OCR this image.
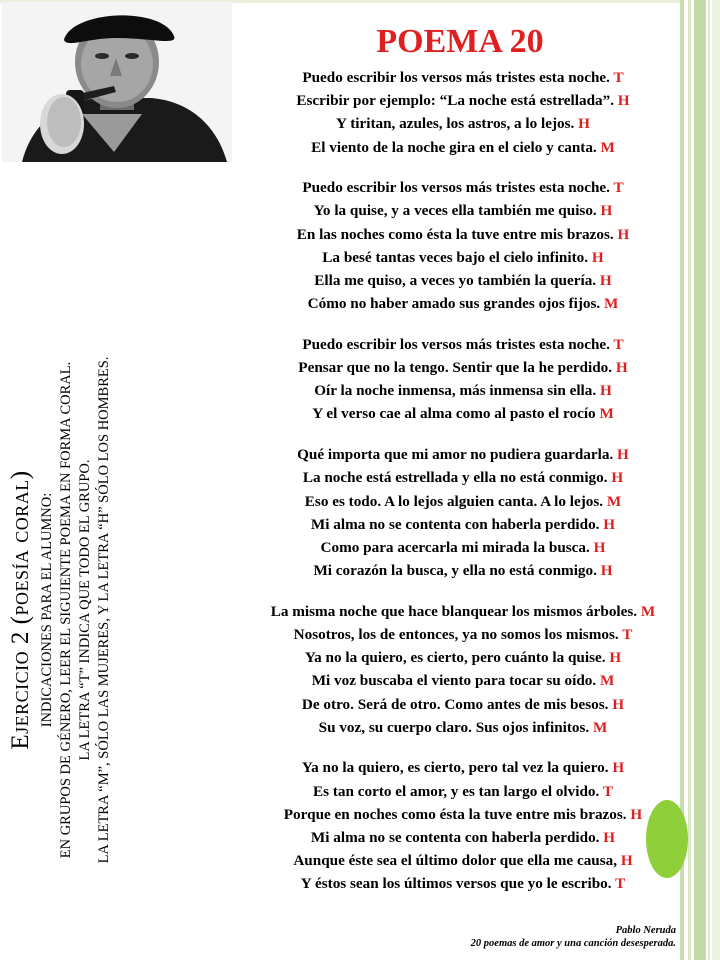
Ejercicio 2 (poesía coral) INDICACIONES PARA EL ALUMNO: EN GRUPOS DE GÉNERO, LEER EL SIGUIENTE POEMA EN FORMA CORAL. LA LETRA “T” INDICA QUE TODO EL GRUPO. LA LETRA “M”, SÓLO LAS MUJERES, Y LA LETRA “H” SÓLO LOS HOMBRES.

POEMA 20
Puedo escribir los versos más tristes esta noche. T
Escribir por ejemplo: “La noche está estrellada”. H
Y tiritan, azules, los astros, a lo lejos. H
El viento de la noche gira en el cielo y canta. M
Puedo escribir los versos más tristes esta noche. T
Yo la quise, y a veces ella también me quiso. H
En las noches como ésta la tuve entre mis brazos. H
La besé tantas veces bajo el cielo infinito. H
Ella me quiso, a veces yo también la quería. H
Cómo no haber amado sus grandes ojos fijos. M
Puedo escribir los versos más tristes esta noche. T
Pensar que no la tengo. Sentir que la he perdido. H
Oír la noche inmensa, más inmensa sin ella. H
Y el verso cae al alma como al pasto el rocío M
Qué importa que mi amor no pudiera guardarla. H
La noche está estrellada y ella no está conmigo. H
Eso es todo. A lo lejos alguien canta. A lo lejos. M
Mi alma no se contenta con haberla perdido. H
Como para acercarla mi mirada la busca. H
Mi corazón la busca, y ella no está conmigo. H
La misma noche que hace blanquear los mismos árboles. M
Nosotros, los de entonces, ya no somos los mismos. T
Ya no la quiero, es cierto, pero cuánto la quise. H
Mi voz buscaba el viento para tocar su oído. M
De otro. Será de otro. Como antes de mis besos. H
Su voz, su cuerpo claro. Sus ojos infinitos. M
Ya no la quiero, es cierto, pero tal vez la quiero. H
Es tan corto el amor, y es tan largo el olvido. T
Porque en noches como ésta la tuve entre mis brazos. H
Mi alma no se contenta con haberla perdido. H
Aunque éste sea el último dolor que ella me causa, H
Y éstos sean los últimos versos que yo le escribo. T
Pablo Neruda
20 poemas de amor y una canción desesperada.
